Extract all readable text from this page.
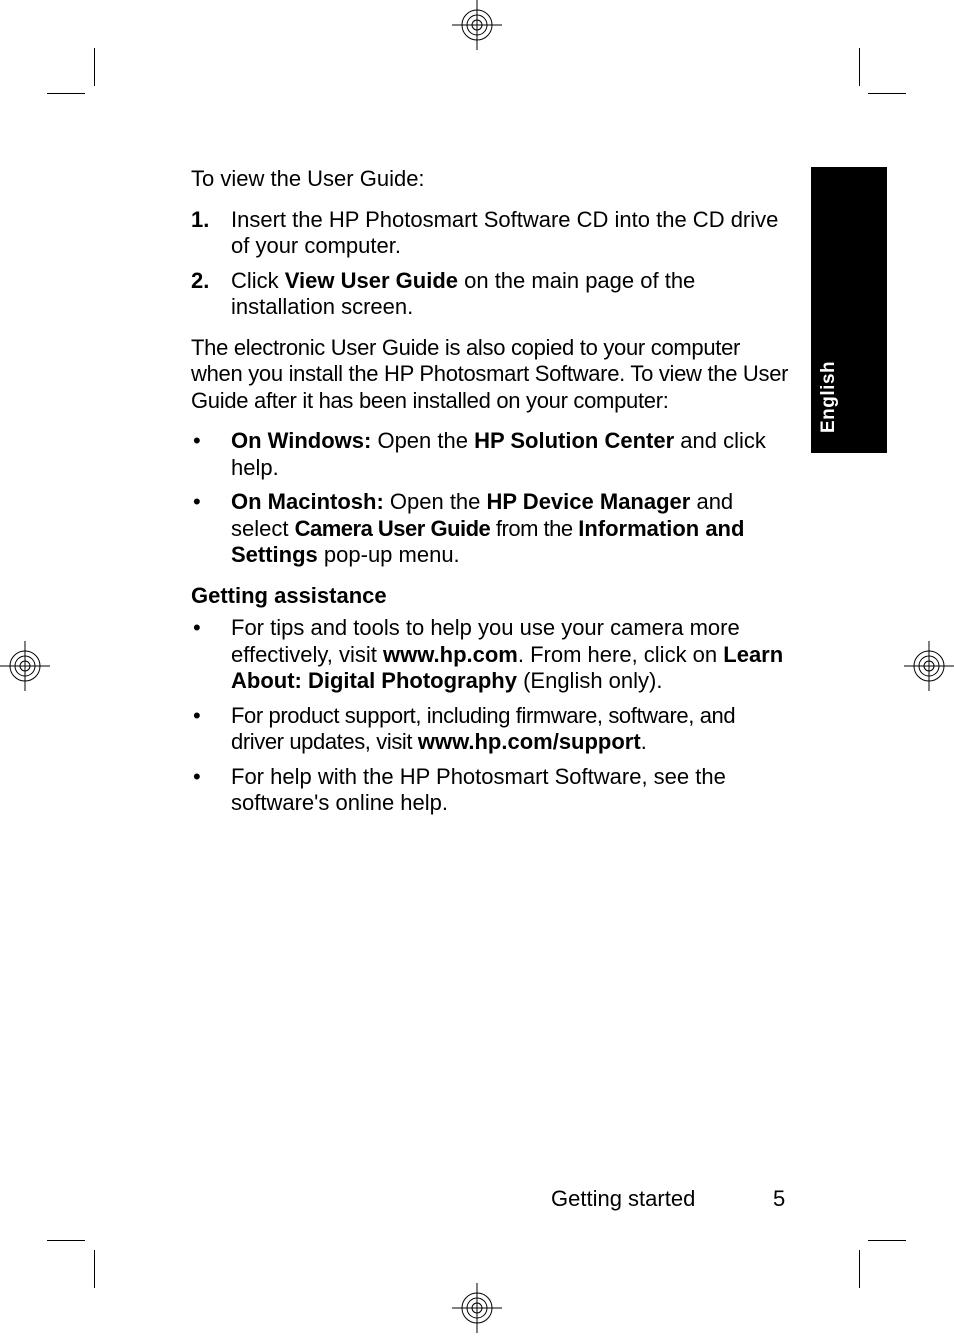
English

To view the User Guide:

1. Insert the HP Photosmart Software CD into the CD drive of your computer.
2. Click View User Guide on the main page of the installation screen.

The electronic User Guide is also copied to your computer when you install the HP Photosmart Software. To view the User Guide after it has been installed on your computer:

• On Windows: Open the HP Solution Center and click help.
• On Macintosh: Open the HP Device Manager and select Camera User Guide from the Information and Settings pop-up menu.

Getting assistance

• For tips and tools to help you use your camera more effectively, visit www.hp.com. From here, click on Learn About: Digital Photography (English only).
• For product support, including firmware, software, and driver updates, visit www.hp.com/support.
• For help with the HP Photosmart Software, see the software's online help.
Getting started	5
